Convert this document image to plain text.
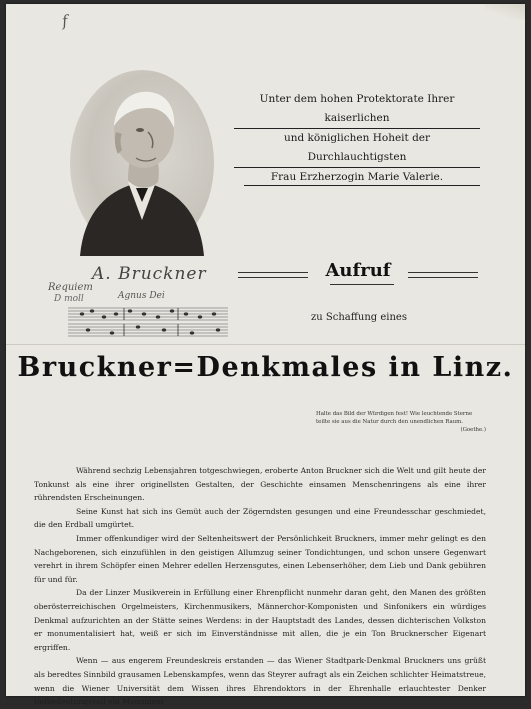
f
A. Bruckner
Requiem
D moll	Agnus Dei
Unter dem hohen Protektorate Ihrer kaiserlichen
und königlichen Hoheit der Durchlauchtigsten
Frau Erzherzogin Marie Valerie.
Aufruf
zu Schaffung eines
Bruckner=Denkmales in Linz.
Halte das Bild der Würdigen fest! Wie leuchtende Sterne teilte sie aus die Natur durch den unendlichen Raum.
(Goethe.)

Während sechzig Lebensjahren totgeschwiegen, eroberte Anton Bruckner sich die Welt und gilt heute der Tonkunst als eine ihrer originellsten Gestalten, der Geschichte einsamen Menschenringens als eine ihrer rührendsten Erscheinungen.

Seine Kunst hat sich ins Gemüt auch der Zögerndsten gesungen und eine Freundesschar geschmiedet, die den Erdball umgürtet.

Immer offenkundiger wird der Seltenheitswert der Persönlichkeit Bruckners, immer mehr gelingt es den Nachgeborenen, sich einzufühlen in den geistigen Allumzug seiner Tondichtungen, und schon unsere Gegenwart verehrt in ihrem Schöpfer einen Mehrer edellen Herzensgutes, einen Lebenserhöher, dem Lieb und Dank gebühren für und für.

Da der Linzer Musikverein in Erfüllung einer Ehrenpflicht nunmehr daran geht, den Manen des größten oberösterreichischen Orgelmeisters, Kirchenmusikers, Männerchor-Komponisten und Sinfonikers ein würdiges Denkmal aufzurichten an der Stätte seines Werdens: in der Hauptstadt des Landes, dessen dichterischen Volkston er monumentalisiert hat, weiß er sich im Einverständnisse mit allen, die je ein Ton Brucknerscher Eigenart ergriffen.

Wenn — aus engerem Freundeskreis erstanden — das Wiener Stadtpark-Denkmal Bruckners uns grüßt als beredtes Sinnbild grausamen Lebenskampfes, wenn das Steyrer aufragt als ein Zeichen schlichter Heimatstreue, wenn die Wiener Universität dem Wissen ihres Ehrendoktors in der Ehrenhalle erlauchtester Denker tiefbedeutungsvoll ein Monument
